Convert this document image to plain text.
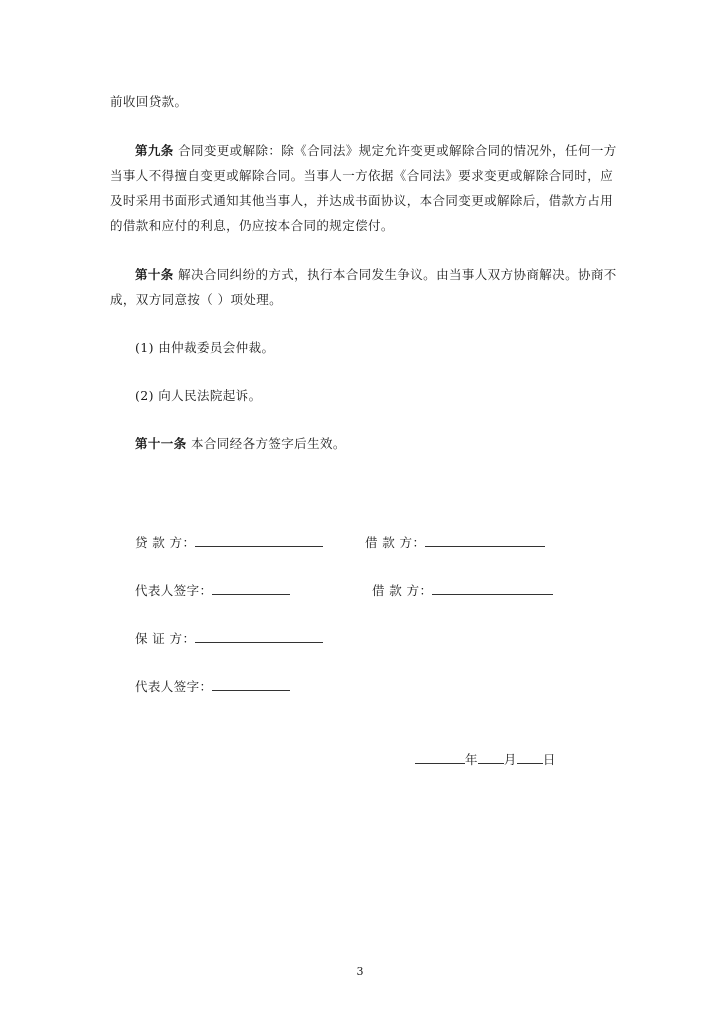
前收回贷款。
第九条 合同变更或解除：除《合同法》规定允许变更或解除合同的情况外，任何一方
当事人不得擅自变更或解除合同。当事人一方依据《合同法》要求变更或解除合同时，应
及时采用书面形式通知其他当事人，并达成书面协议，本合同变更或解除后，借款方占用
的借款和应付的利息，仍应按本合同的规定偿付。
第十条 解决合同纠纷的方式，执行本合同发生争议。由当事人双方协商解决。协商不
成，双方同意按（ ）项处理。
(1) 由仲裁委员会仲裁。
(2) 向人民法院起诉。
第十一条 本合同经各方签字后生效。
贷 款 方：	借 款 方：
代表人签字：	借 款 方：
保 证 方：
代表人签字：
年 月 日
3
